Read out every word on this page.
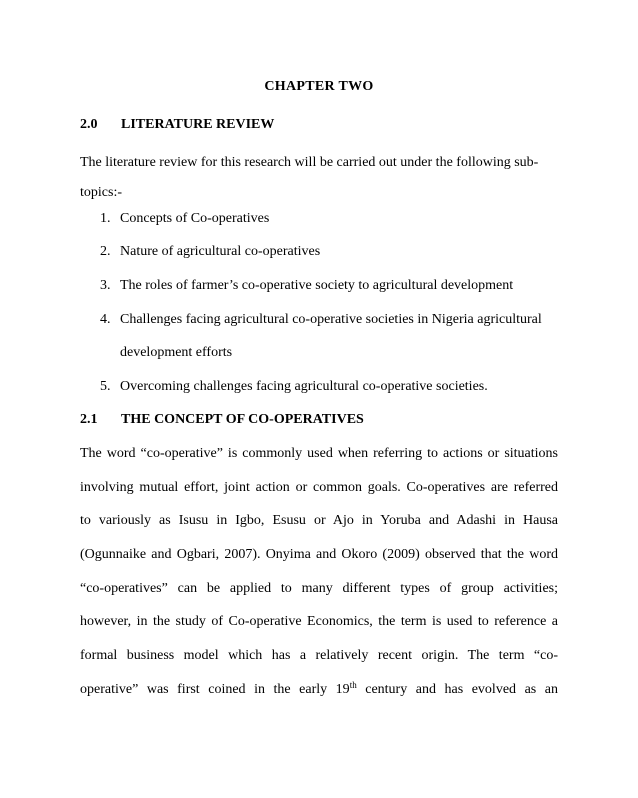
CHAPTER TWO
2.0 LITERATURE REVIEW
The literature review for this research will be carried out under the following sub-
topics:-
1. Concepts of Co-operatives
2. Nature of agricultural co-operatives
3. The roles of farmer’s co-operative society to agricultural development
4. Challenges facing agricultural co-operative societies in Nigeria agricultural
development efforts
5. Overcoming challenges facing agricultural co-operative societies.
2.1 THE CONCEPT OF CO-OPERATIVES
The word “co-operative” is commonly used when referring to actions or situations
involving mutual effort, joint action or common goals. Co-operatives are referred
to variously as Isusu in Igbo, Esusu or Ajo in Yoruba and Adashi in Hausa
(Ogunnaike and Ogbari, 2007). Onyima and Okoro (2009) observed that the word
“co-operatives” can be applied to many different types of group activities;
however, in the study of Co-operative Economics, the term is used to reference a
formal business model which has a relatively recent origin. The term “co-
operative” was first coined in the early 19th century and has evolved as an
